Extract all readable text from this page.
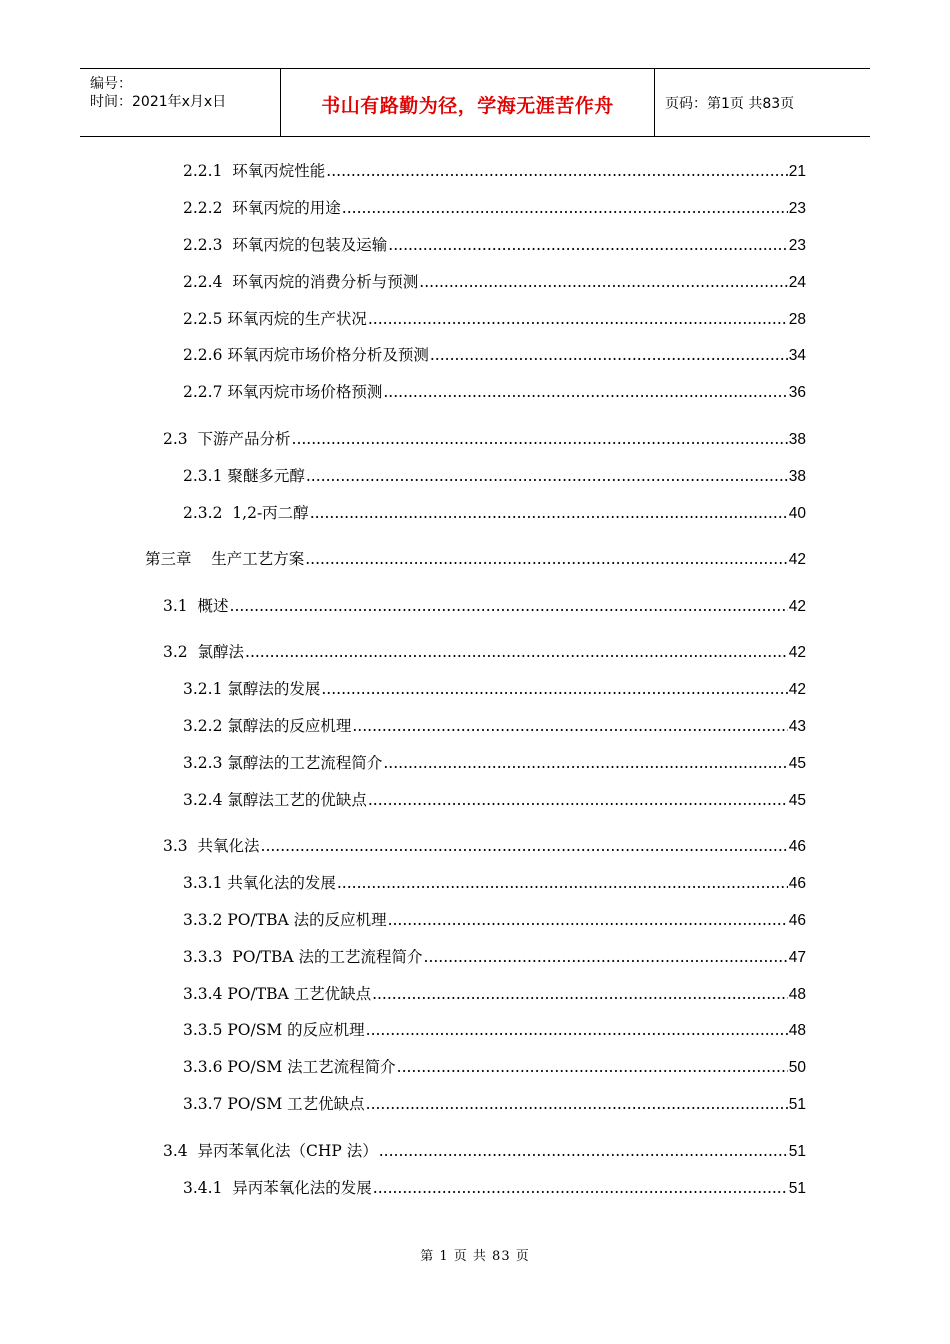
编号：
时间：2021年x月x日	书山有路勤为径，学海无涯苦作舟	页码：第1页 共83页
2.2.1  环氧丙烷性能 .....	21
2.2.2  环氧丙烷的用途 .....	23
2.2.3  环氧丙烷的包装及运输 .....	23
2.2.4  环氧丙烷的消费分析与预测 .....	24
2.2.5 环氧丙烷的生产状况 .....	28
2.2.6 环氧丙烷市场价格分析及预测 .....	34
2.2.7 环氧丙烷市场价格预测 .....	36
2.3  下游产品分析 .....	38
2.3.1 聚醚多元醇 .....	38
2.3.2  1,2-丙二醇 .....	40
第三章    生产工艺方案 .....	42
3.1  概述 .....	42
3.2  氯醇法 .....	42
3.2.1 氯醇法的发展 .....	42
3.2.2 氯醇法的反应机理 .....	43
3.2.3 氯醇法的工艺流程简介 .....	45
3.2.4 氯醇法工艺的优缺点 .....	45
3.3  共氧化法 .....	46
3.3.1 共氧化法的发展 .....	46
3.3.2 PO/TBA 法的反应机理 .....	46
3.3.3  PO/TBA 法的工艺流程简介 .....	47
3.3.4 PO/TBA 工艺优缺点 .....	48
3.3.5 PO/SM 的反应机理 .....	48
3.3.6 PO/SM 法工艺流程简介 .....	50
3.3.7 PO/SM 工艺优缺点 .....	51
3.4  异丙苯氧化法（CHP 法） .....	51
3.4.1  异丙苯氧化法的发展 .....	51
第 1 页 共 83 页
